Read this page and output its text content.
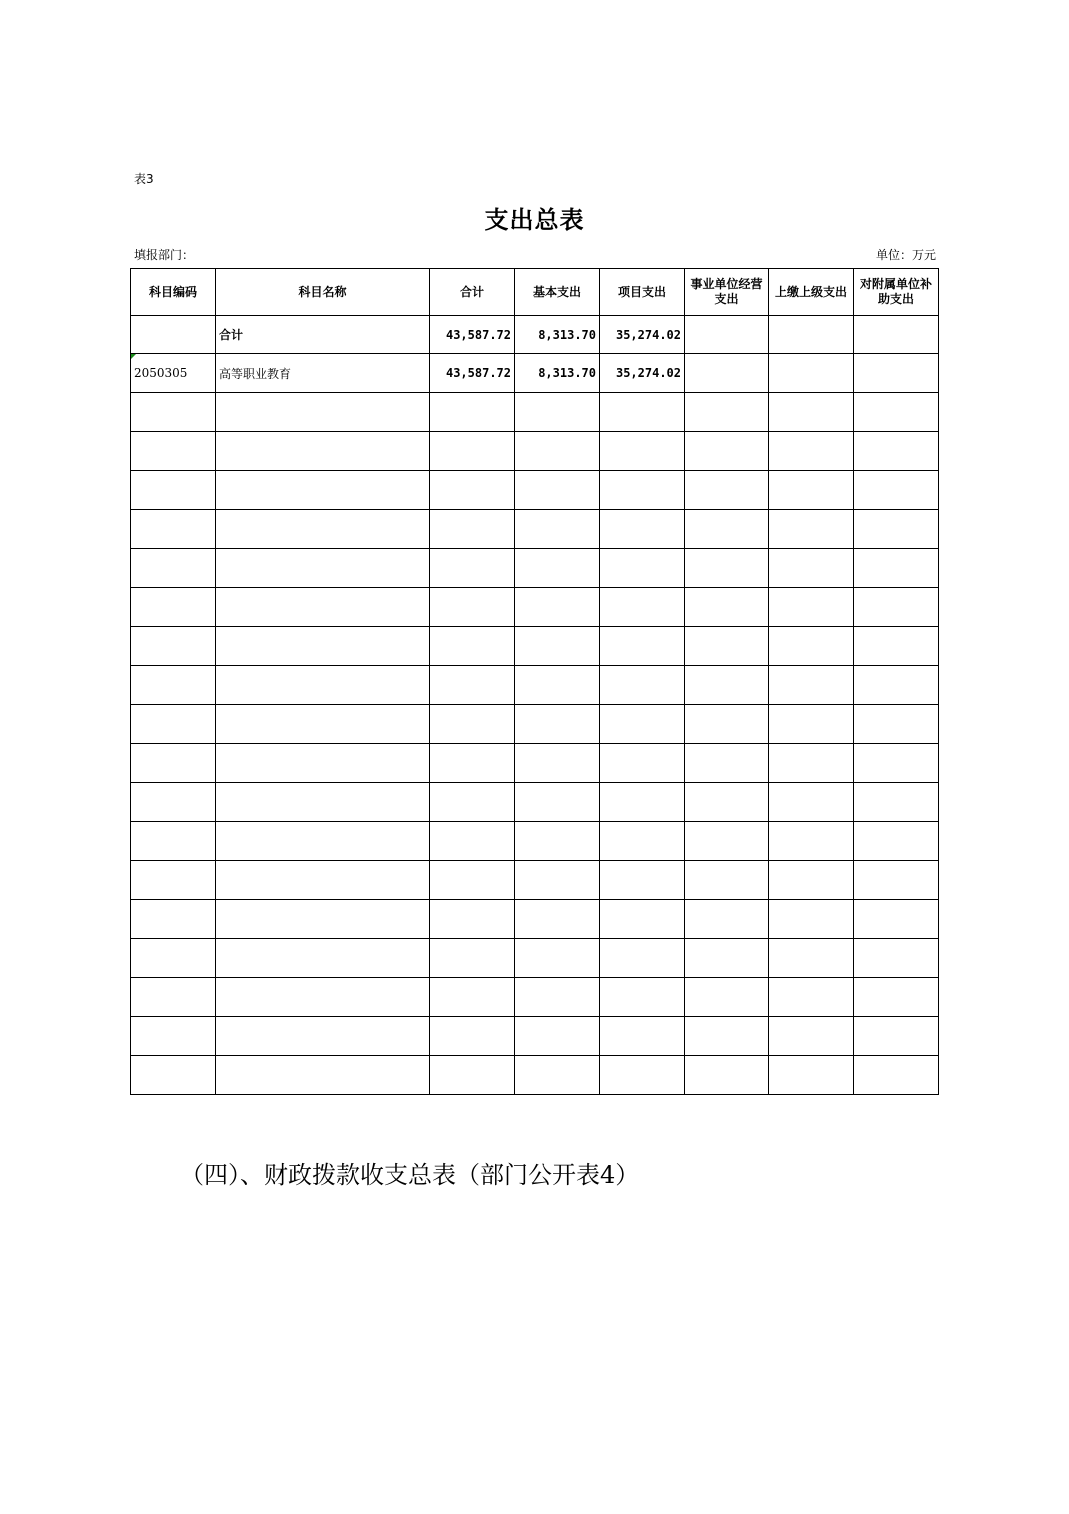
表3
支出总表
填报部门：	单位：万元
科目编码	科目名称	合计	基本支出	项目支出	事业单位经营支出	上缴上级支出	对附属单位补助支出
	合计	43,587.72	8,313.70	35,274.02			

2050305	高等职业教育	43,587.72	8,313.70	35,274.02			

（四）、财政拨款收支总表（部门公开表4）
